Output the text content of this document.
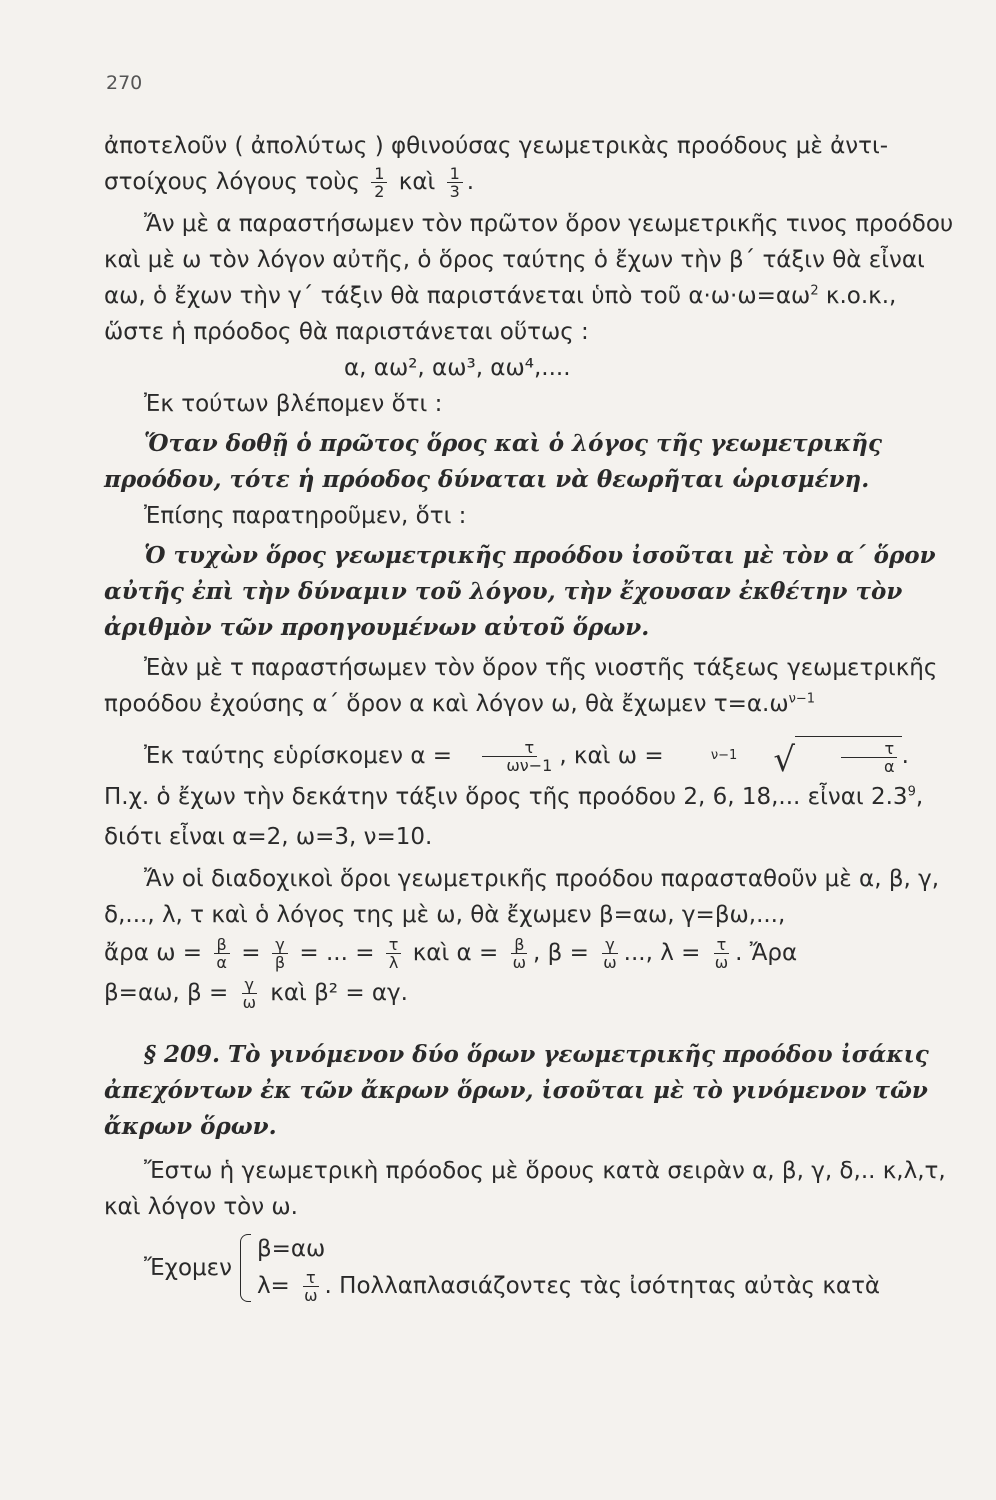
270

ἀποτελοῦν ( ἀπολύτως ) φθινούσας γεωμετρικὰς προόδους μὲ ἀντι-

στοίχους λόγους τοὺς $\frac{1}{2}$ καὶ $\frac{1}{3}$ .

Ἄν μὲ α παραστήσωμεν τὸν πρῶτον ὅρον γεωμετρικῆς τινος προόδου καὶ μὲ ω τὸν λόγον αὐτῆς, ὁ ὅρος ταύτης ὁ ἔχων τὴν β΄ τάξιν θὰ εἶναι αω, ὁ ἔχων τὴν γ΄ τάξιν θὰ παριστάνεται ὑπὸ τοῦ $\alpha\cdot\omega\cdot\omega=\alpha\omega^2$ κ.ο.κ., ὥστε ἡ πρόοδος θὰ παριστάνεται οὕτως :

α, αω², αω³, αω⁴,....

Ἐκ τούτων βλέπομεν ὅτι :

Ὅταν δοθῇ ὁ πρῶτος ὅρος καὶ ὁ λόγος τῆς γεωμετρικῆς προόδου, τότε ἡ πρόοδος δύναται νὰ θεωρῆται ὡρισμένη.

Ἐπίσης παρατηροῦμεν, ὅτι :

Ὁ τυχὼν ὅρος γεωμετρικῆς προόδου ἰσοῦται μὲ τὸν α΄ ὅρον αὐτῆς ἐπὶ τὴν δύναμιν τοῦ λόγου, τὴν ἔχουσαν ἐκθέτην τὸν ἀριθμὸν τῶν προηγουμένων αὐτοῦ ὅρων.

Ἐὰν μὲ τ παραστήσωμεν τὸν ὅρον τῆς νιοστῆς τάξεως γεωμετρικῆς προόδου ἐχούσης α΄ ὅρον α καὶ λόγον ω, θὰ ἔχωμεν $\tau=\alpha.\omega^{\nu-1}$

Ἐκ ταύτης εὑρίσκομεν $\alpha = \frac{\tau}{\omega\nu-1}$ , καὶ ω =	ν−1	√	$\frac{\tau}{\alpha}$ . Π.χ. ὁ ἔχων τὴν δεκάτην τάξιν ὅρος τῆς προόδου 2, 6, 18,... εἶναι $2.3^9$, διότι εἶναι α=2, ω=3, ν=10.

Ἄν οἱ διαδοχικοὶ ὅροι γεωμετρικῆς προόδου παρασταθοῦν μὲ α, β, γ, δ,..., λ, τ καὶ ὁ λόγος της μὲ ω, θὰ ἔχωμεν β=αω, γ=βω,...,

ἄρα $\omega = \frac{\beta}{\alpha} = \frac{\gamma}{\beta}$ = ... = $\frac{\tau}{\lambda}$ καὶ $\alpha = \frac{\beta}{\omega}$ , $\beta = \frac{\gamma}{\omega}$ ..., $\lambda = \frac{\tau}{\omega}$ . Ἄρα

β=αω, $\beta = \frac{\gamma}{\omega}$ καὶ β² = αγ.

§ 209. Τὸ γινόμενον δύο ὅρων γεωμετρικῆς προόδου ἰσάκις ἀπεχόντων ἐκ τῶν ἄκρων ὅρων, ἰσοῦται μὲ τὸ γινόμενον τῶν ἄκρων ὅρων.

Ἔστω ἡ γεωμετρικὴ πρόοδος μὲ ὅρους κατὰ σειρὰν α, β, γ, δ,.. κ,λ,τ, καὶ λόγον τὸν ω.

Ἔχομεν
β=αω
$\lambda= \frac{\tau}{\omega}$ . Πολλαπλασιάζοντες τὰς ἰσότητας αὐτὰς κατὰ
